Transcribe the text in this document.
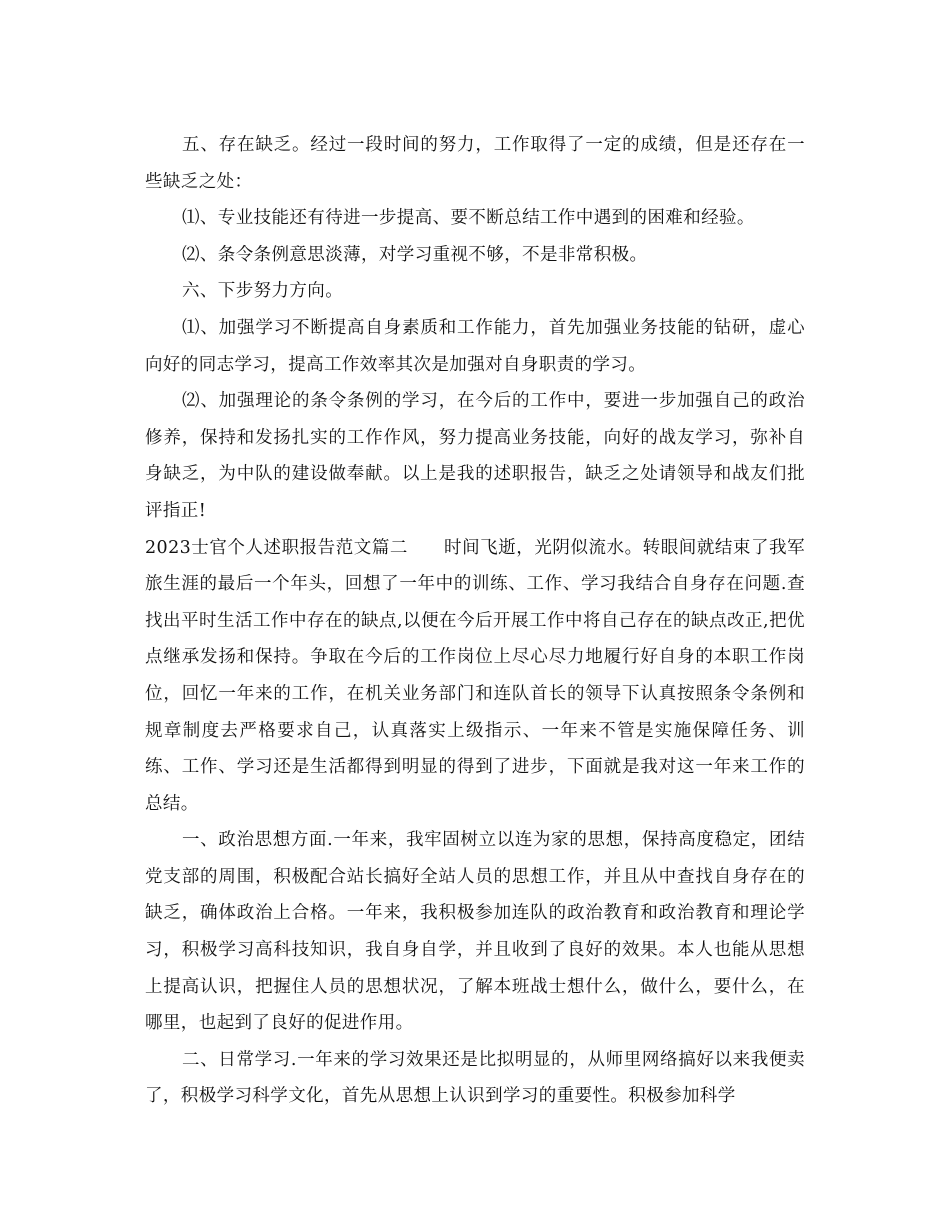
五、存在缺乏。经过一段时间的努力，工作取得了一定的成绩，但是还存在一些缺乏之处：

⑴、专业技能还有待进一步提高、要不断总结工作中遇到的困难和经验。

⑵、条令条例意思淡薄，对学习重视不够，不是非常积极。

六、下步努力方向。

⑴、加强学习不断提高自身素质和工作能力，首先加强业务技能的钻研，虚心向好的同志学习，提高工作效率其次是加强对自身职责的学习。

⑵、加强理论的条令条例的学习，在今后的工作中，要进一步加强自己的政治修养，保持和发扬扎实的工作作风，努力提高业务技能，向好的战友学习，弥补自身缺乏，为中队的建设做奉献。以上是我的述职报告，缺乏之处请领导和战友们批评指正!

2023士官个人述职报告范文篇二　　时间飞逝，光阴似流水。转眼间就结束了我军旅生涯的最后一个年头，回想了一年中的训练、工作、学习我结合自身存在问题.查找出平时生活工作中存在的缺点,以便在今后开展工作中将自己存在的缺点改正,把优点继承发扬和保持。争取在今后的工作岗位上尽心尽力地履行好自身的本职工作岗位，回忆一年来的工作，在机关业务部门和连队首长的领导下认真按照条令条例和规章制度去严格要求自己，认真落实上级指示、一年来不管是实施保障任务、训练、工作、学习还是生活都得到明显的得到了进步，下面就是我对这一年来工作的总结。

一、政治思想方面.一年来，我牢固树立以连为家的思想，保持高度稳定，团结党支部的周围，积极配合站长搞好全站人员的思想工作，并且从中查找自身存在的缺乏，确体政治上合格。一年来，我积极参加连队的政治教育和政治教育和理论学习，积极学习高科技知识，我自身自学，并且收到了良好的效果。本人也能从思想上提高认识，把握住人员的思想状况，了解本班战士想什么，做什么，要什么，在哪里，也起到了良好的促进作用。

二、日常学习.一年来的学习效果还是比拟明显的，从师里网络搞好以来我便卖了，积极学习科学文化，首先从思想上认识到学习的重要性。积极参加科学
